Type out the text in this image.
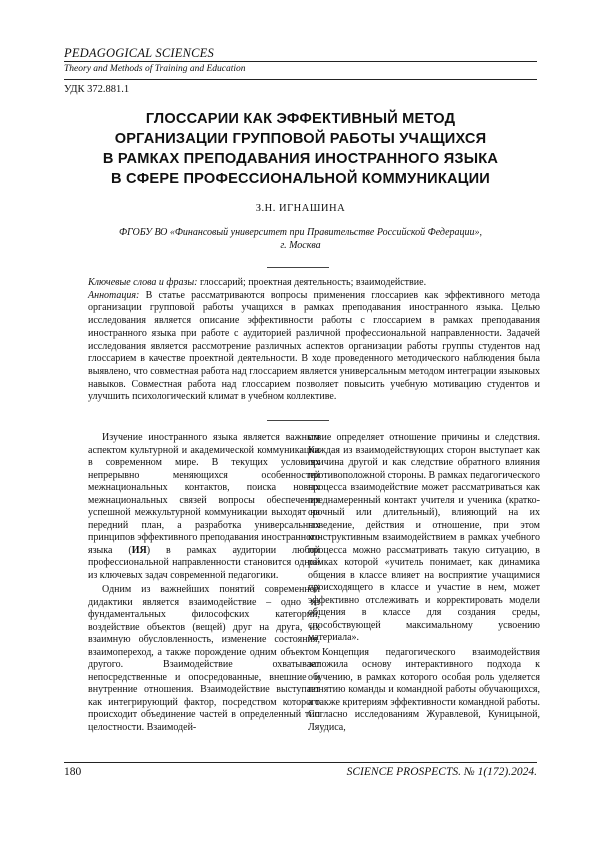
PEDAGOGICAL SCIENCES
Theory and Methods of Training and Education
УДК 372.881.1
ГЛОССАРИИ КАК ЭФФЕКТИВНЫЙ МЕТОД
ОРГАНИЗАЦИИ ГРУППОВОЙ РАБОТЫ УЧАЩИХСЯ
В РАМКАХ ПРЕПОДАВАНИЯ ИНОСТРАННОГО ЯЗЫКА
В СФЕРЕ ПРОФЕССИОНАЛЬНОЙ КОММУНИКАЦИИ
З.Н. ИГНАШИНА
ФГОБУ ВО «Финансовый университет при Правительстве Российской Федерации»,
г. Москва
Ключевые слова и фразы: глоссарий; проектная деятельность; взаимодействие.
Аннотация: В статье рассматриваются вопросы применения глоссариев как эффективного метода организации групповой работы учащихся в рамках преподавания иностранного языка. Целью исследования является описание эффективности работы с глоссарием в рамках преподавания иностранного языка при работе с аудиторией различной профессиональной направленности. Задачей исследования является рассмотрение различных аспектов организации работы группы студентов над глоссарием в качестве проектной деятельности. В ходе проведенного методического наблюдения была выявлено, что совместная работа над глоссарием является универсальным методом интеграции языковых навыков. Совместная работа над глоссарием позволяет повысить учебную мотивацию студентов и улучшить психологический климат в учебном коллективе.

Изучение иностранного языка является важным аспектом культурной и академической коммуникации в современном мире. В текущих условиях непрерывно меняющихся особенностей межнациональных контактов, поиска новых межнациональных связей вопросы обеспечения успешной межкультурной коммуникации выходят на передний план, а разработка универсальных принципов эффективного преподавания иностранного языка (ИЯ) в рамках аудитории любой профессиональной направленности становится одной из ключевых задач современной педагогики.

Одним из важнейших понятий современной дидактики является взаимодействие – одно из фундаментальных философских категорий, воздействие объектов (вещей) друг на друга, их взаимную обусловленность, изменение состояния, взаимопереход, а также порождение одним объектом другого. Взаимодействие охватывает непосредственные и опосредованные, внешние и внутренние отношения. Взаимодействие выступает как интегрирующий фактор, посредством которого происходит объединение частей в определенный тип целостности. Взаимодей-

ствие определяет отношение причины и следствия. Каждая из взаимодействующих сторон выступает как причина другой и как следствие обратного влияния противоположной стороны. В рамках педагогического процесса взаимодействие может рассматриваться как преднамеренный контакт учителя и ученика (краткосрочный или длительный), влияющий на их поведение, действия и отношение, при этом конструктивным взаимодействием в рамках учебного процесса можно рассматривать такую ситуацию, в рамках которой «учитель понимает, как динамика общения в классе влияет на восприятие учащимися происходящего в классе и участие в нем, может эффективно отслеживать и корректировать модели общения в классе для создания среды, способствующей максимальному усвоению материала».

Концепция педагогического взаимодействия заложила основу интерактивного подхода к обучению, в рамках которого особая роль уделяется понятию команды и командной работы обучающихся, а также критериям эффективности командной работы. Согласно исследованиям Журавлевой, Куницыной, Ляудиса,

180	SCIENCE PROSPECTS. № 1(172).2024.
